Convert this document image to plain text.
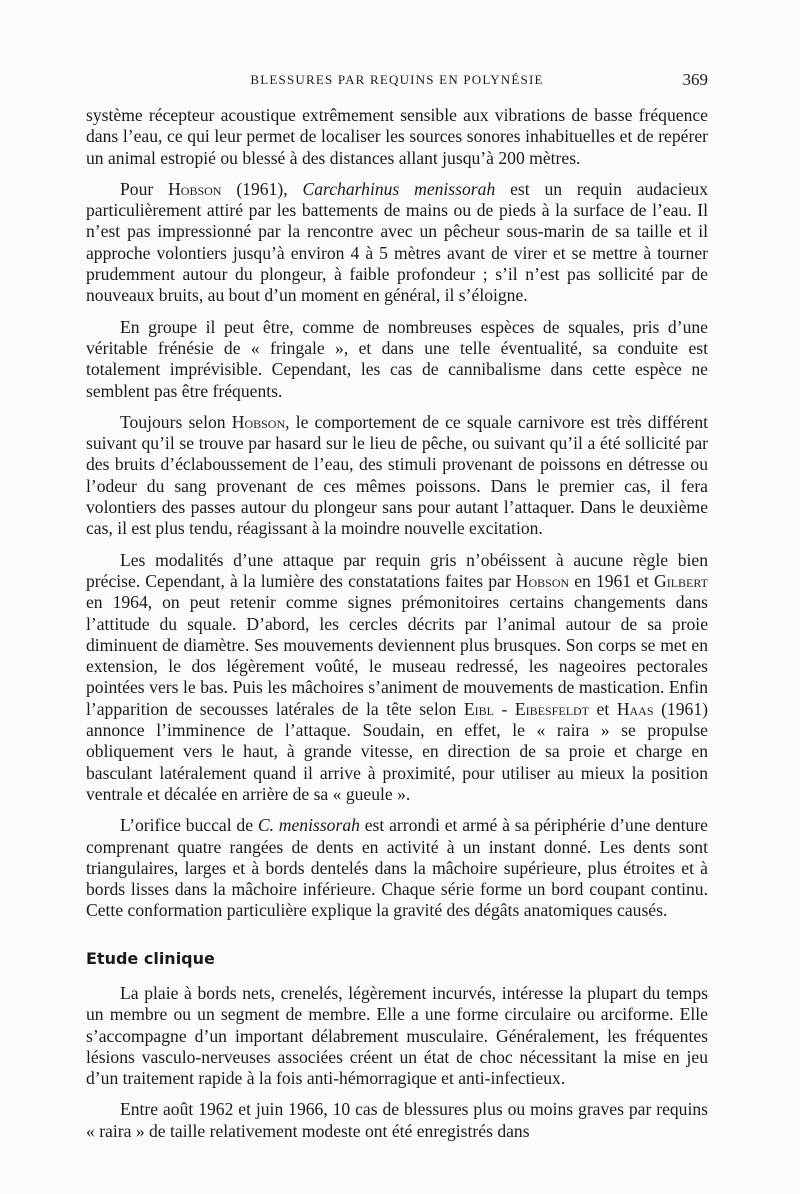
BLESSURES PAR REQUINS EN POLYNÉSIE	369

système récepteur acoustique extrêmement sensible aux vibrations de basse fréquence dans l’eau, ce qui leur permet de localiser les sources sonores inhabituelles et de repérer un animal estropié ou blessé à des distances allant jusqu’à 200 mètres.

Pour Hobson (1961), Carcharhinus menissorah est un requin audacieux particulièrement attiré par les battements de mains ou de pieds à la surface de l’eau. Il n’est pas impressionné par la rencontre avec un pêcheur sous-marin de sa taille et il approche volontiers jusqu’à environ 4 à 5 mètres avant de virer et se mettre à tourner prudemment autour du plongeur, à faible profondeur ; s’il n’est pas sollicité par de nouveaux bruits, au bout d’un moment en général, il s’éloigne.

En groupe il peut être, comme de nombreuses espèces de squales, pris d’une véritable frénésie de « fringale », et dans une telle éventualité, sa conduite est totalement imprévisible. Cependant, les cas de cannibalisme dans cette espèce ne semblent pas être fréquents.

Toujours selon Hobson, le comportement de ce squale carnivore est très différent suivant qu’il se trouve par hasard sur le lieu de pêche, ou suivant qu’il a été sollicité par des bruits d’éclaboussement de l’eau, des stimuli provenant de poissons en détresse ou l’odeur du sang provenant de ces mêmes poissons. Dans le premier cas, il fera volontiers des passes autour du plongeur sans pour autant l’attaquer. Dans le deuxième cas, il est plus tendu, réagissant à la moindre nouvelle excitation.

Les modalités d’une attaque par requin gris n’obéissent à aucune règle bien précise. Cependant, à la lumière des constatations faites par Hobson en 1961 et Gilbert en 1964, on peut retenir comme signes prémonitoires certains changements dans l’attitude du squale. D’abord, les cercles décrits par l’animal autour de sa proie diminuent de diamètre. Ses mouvements deviennent plus brusques. Son corps se met en extension, le dos légèrement voûté, le museau redressé, les nageoires pectorales pointées vers le bas. Puis les mâchoires s’animent de mouvements de mastication. Enfin l’apparition de secousses latérales de la tête selon Eibl - Eibesfeldt et Haas (1961) annonce l’imminence de l’attaque. Soudain, en effet, le « raira » se propulse obliquement vers le haut, à grande vitesse, en direction de sa proie et charge en basculant latéralement quand il arrive à proximité, pour utiliser au mieux la position ventrale et décalée en arrière de sa « gueule ».

L’orifice buccal de C. menissorah est arrondi et armé à sa périphérie d’une denture comprenant quatre rangées de dents en activité à un instant donné. Les dents sont triangulaires, larges et à bords dentelés dans la mâchoire supérieure, plus étroites et à bords lisses dans la mâchoire inférieure. Chaque série forme un bord coupant continu. Cette conformation particulière explique la gravité des dégâts anatomiques causés.

Etude clinique

La plaie à bords nets, crenelés, légèrement incurvés, intéresse la plupart du temps un membre ou un segment de membre. Elle a une forme circulaire ou arciforme. Elle s’accompagne d’un important délabrement musculaire. Généralement, les fréquentes lésions vasculo-nerveuses associées créent un état de choc nécessitant la mise en jeu d’un traitement rapide à la fois anti-hémorragique et anti-infectieux.

Entre août 1962 et juin 1966, 10 cas de blessures plus ou moins graves par requins « raira » de taille relativement modeste ont été enregistrés dans
